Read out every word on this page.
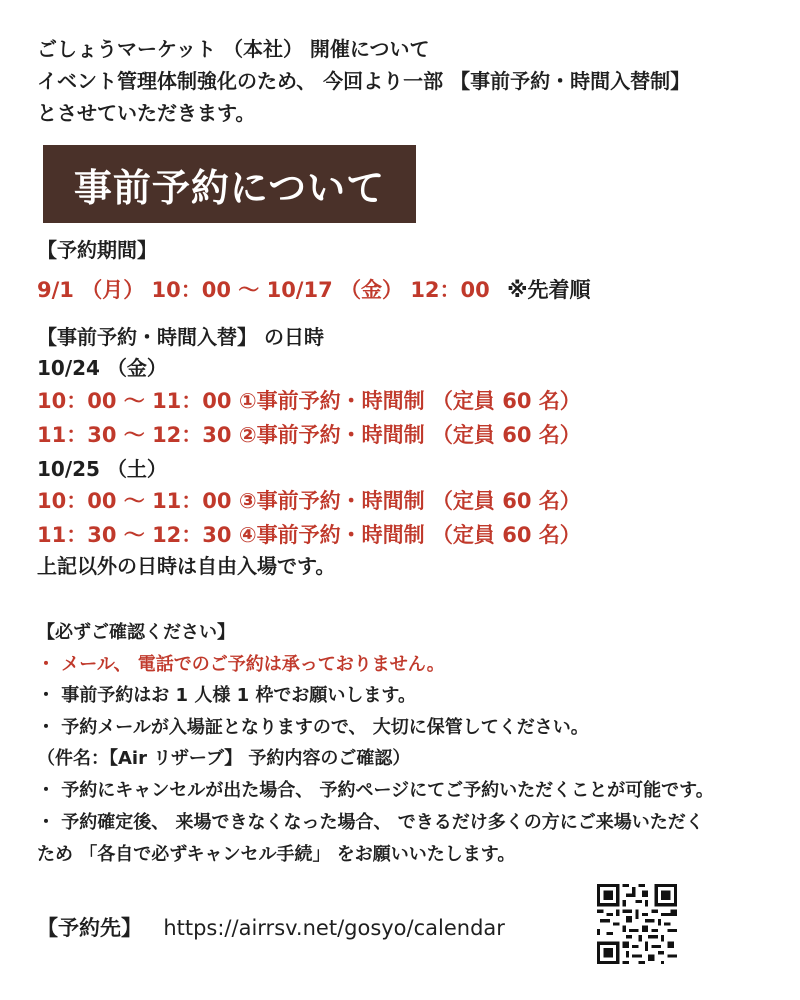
ごしょうマーケット （本社） 開催について
イベント管理体制強化のため、 今回より一部 【事前予約・時間入替制】
とさせていただきます。
事前予約について
【予約期間】
9/1 （月） 10：00 ～ 10/17 （金） 12：00 ※先着順
【事前予約・時間入替】 の日時
10/24 （金）
10：00 ～ 11：00 ①事前予約・時間制 （定員 60 名）
11：30 ～ 12：30 ②事前予約・時間制 （定員 60 名）
10/25 （土）
10：00 ～ 11：00 ③事前予約・時間制 （定員 60 名）
11：30 ～ 12：30 ④事前予約・時間制 （定員 60 名）
上記以外の日時は自由入場です。
【必ずご確認ください】
・ メール、 電話でのご予約は承っておりません。
・ 事前予約はお 1 人様 1 枠でお願いします。
・ 予約メールが入場証となりますので、 大切に保管してください。
（件名：【Air リザーブ】 予約内容のご確認）
・ 予約にキャンセルが出た場合、 予約ページにてご予約いただくことが可能です。
・ 予約確定後、 来場できなくなった場合、 できるだけ多くの方にご来場いただく
ため 「各自で必ずキャンセル手続」 をお願いいたします。
【予約先】 https://airrsv.net/gosyo/calendar
